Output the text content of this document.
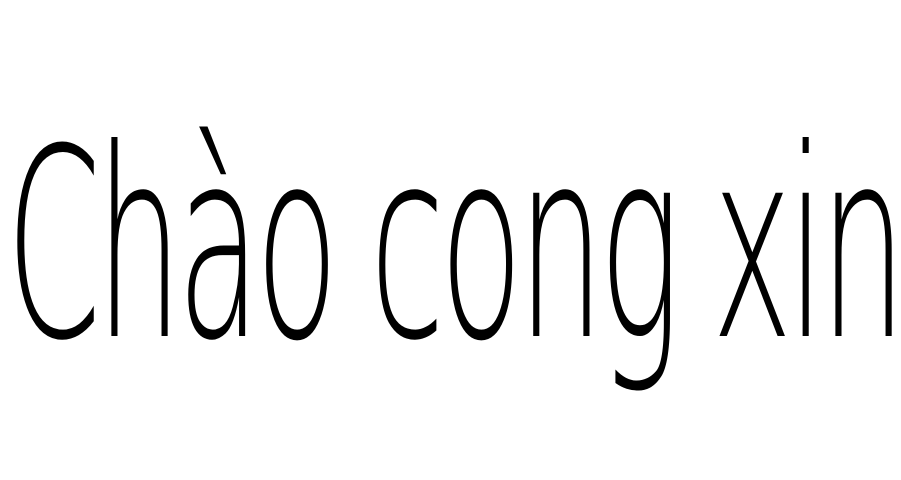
Chào cong xin
